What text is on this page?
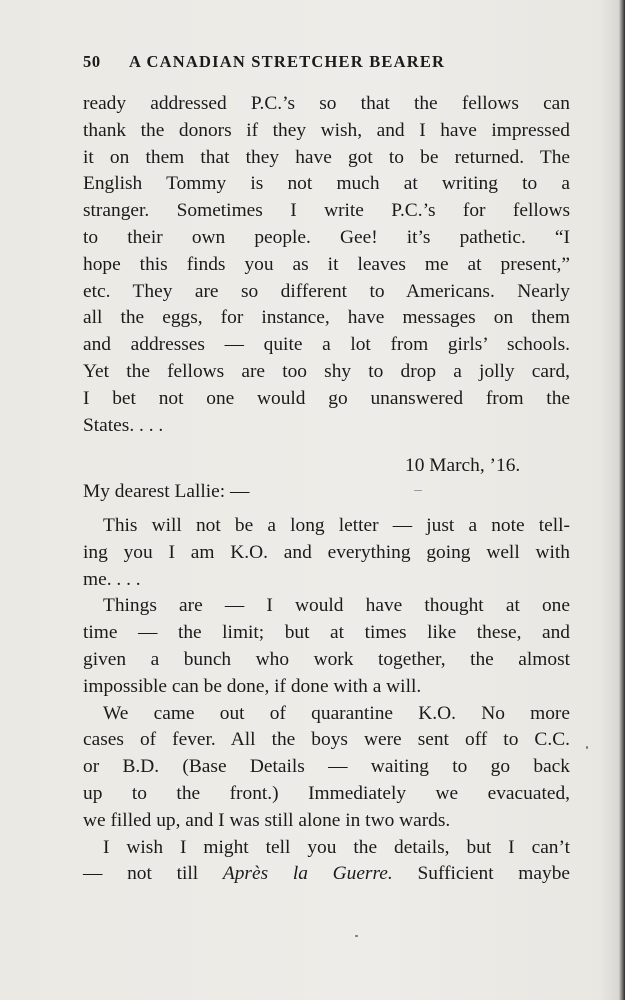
50 A CANADIAN STRETCHER BEARER
ready addressed P.C.’s so that the fellows can
thank the donors if they wish, and I have impressed
it on them that they have got to be returned. The
English Tommy is not much at writing to a
stranger. Sometimes I write P.C.’s for fellows
to their own people. Gee! it’s pathetic. “I
hope this finds you as it leaves me at present,”
etc. They are so different to Americans. Nearly
all the eggs, for instance, have messages on them
and addresses — quite a lot from girls’ schools.
Yet the fellows are too shy to drop a jolly card,
I bet not one would go unanswered from the
States. . . .
10 March, ’16.
My dearest Lallie: —
This will not be a long letter — just a note tell-
ing you I am K.O. and everything going well with
me. . . .
Things are — I would have thought at one
time — the limit; but at times like these, and
given a bunch who work together, the almost
impossible can be done, if done with a will.
We came out of quarantine K.O. No more
cases of fever. All the boys were sent off to C.C.
or B.D. (Base Details — waiting to go back
up to the front.) Immediately we evacuated,
we filled up, and I was still alone in two wards.
I wish I might tell you the details, but I can’t
— not till Après la Guerre. Sufficient maybe
